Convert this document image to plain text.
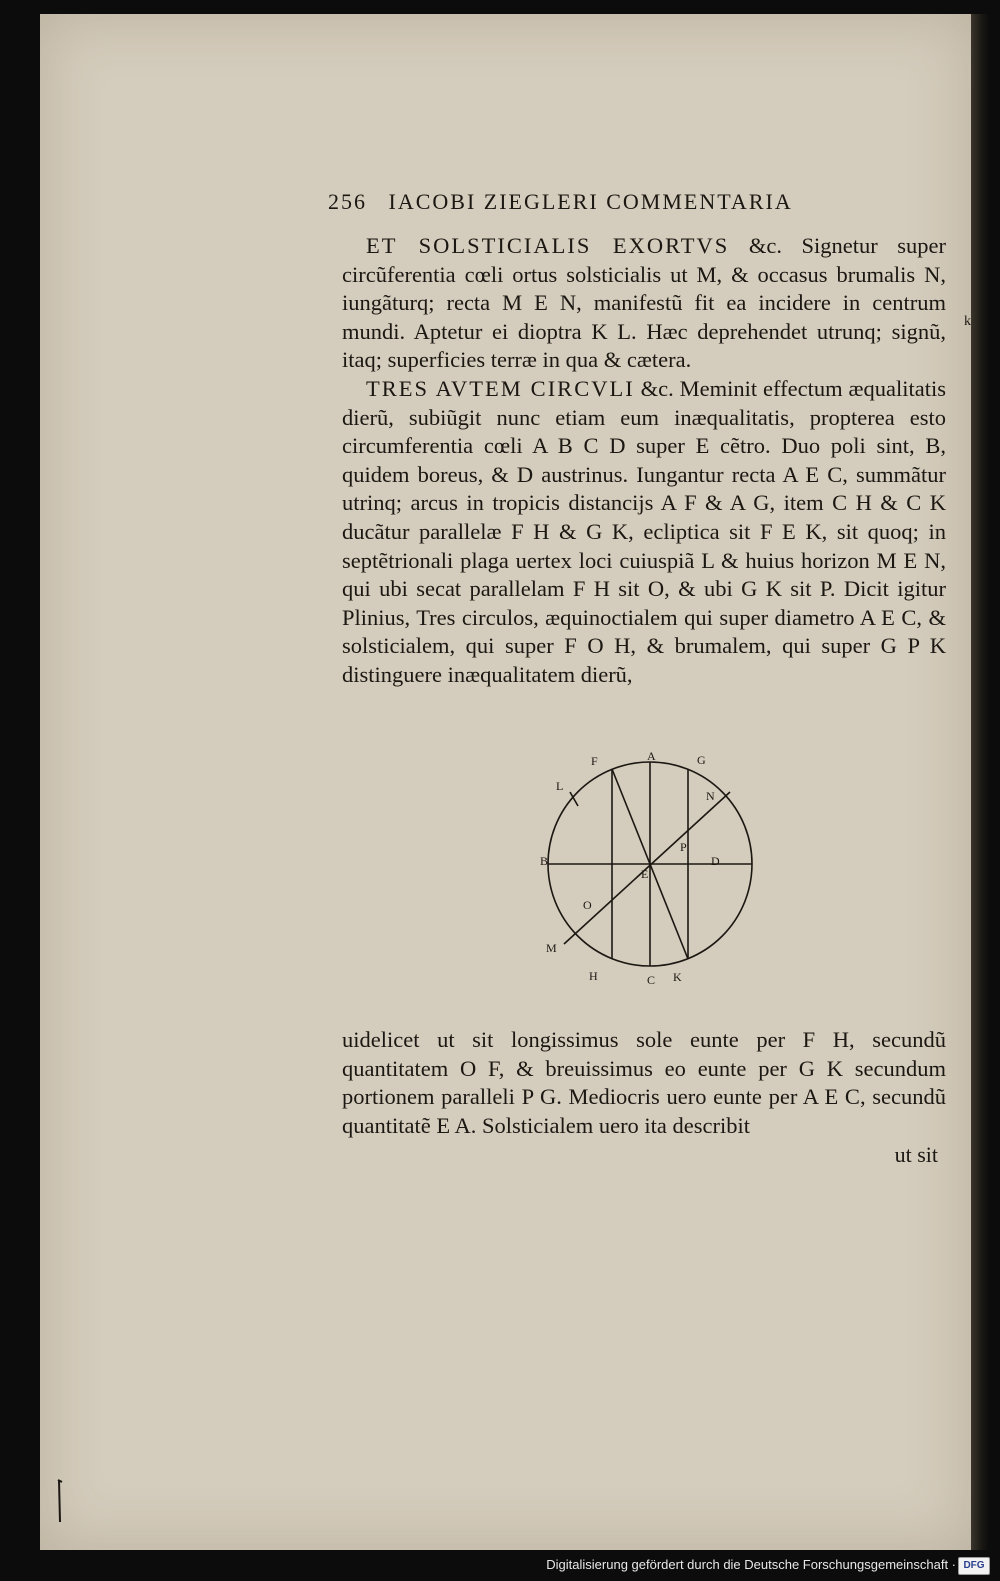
256 IACOBI ZIEGLERI COMMENTARIA

ET SOLSTICIALIS EXORTVS &c. Signetur super circũferentia cœli ortus solsticialis ut M, & occasus brumalis N, iungãturq; recta M E N, manifestũ fit ea incidere in centrum mundi. Aptetur ei dioptra K L. Hæc deprehendet utrunq; signũ, itaq; superficies terræ in qua & cætera.

TRES AVTEM CIRCVLI &c. Meminit effectum æqualitatis dierũ, subiũgit nunc etiam eum inæqualitatis, propterea esto circumferentia cœli A B C D super E cẽtro. Duo poli sint, B, quidem boreus, & D austrinus. Iungantur recta A E C, summãtur utrinq; arcus in tropicis distancijs A F & A G, item C H & C K ducãtur parallelæ F H & G K, ecliptica sit F E K, sit quoq; in septẽtrionali plaga uertex loci cuiuspiã L & huius horizon M E N, qui ubi secat parallelam F H sit O, & ubi G K sit P. Dicit igitur Plinius, Tres circulos, æquinoctialem qui super diametro A E C, & solsticialem, qui super F O H, & brumalem, qui super G P K distinguere inæqualitatem dierũ,

A
B
C
D
E
F	G
H	K
L
M
N
O
P

uidelicet ut sit longissimus sole eunte per F H, secundũ quantitatem O F, & breuissimus eo eunte per G K secundum portionem paralleli P G. Mediocris uero eunte per A E C, secundũ quantitatẽ E A. Solsticialem uero ita describit

ut sit
k
Digitalisierung gefördert durch die Deutsche Forschungsgemeinschaft · DFG
